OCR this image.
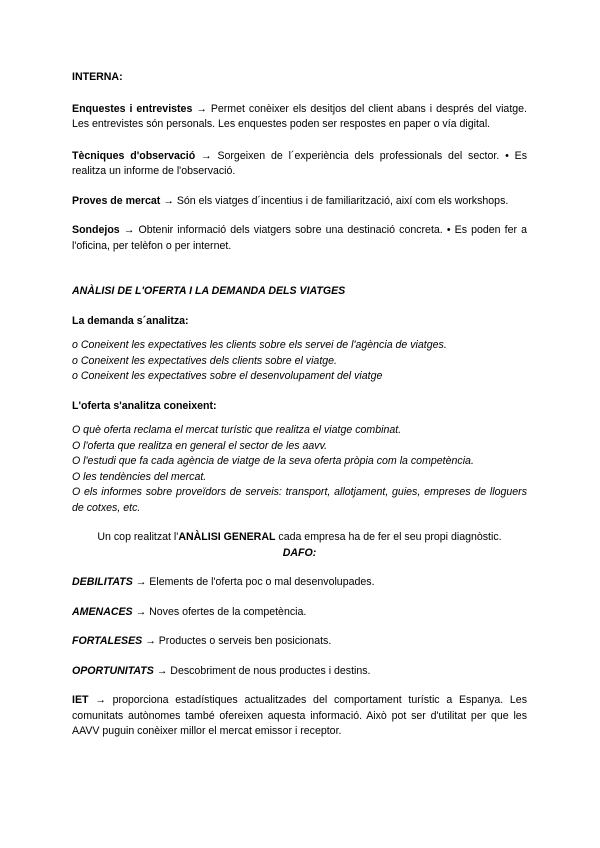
INTERNA:

Enquestes i entrevistes → Permet conèixer els desitjos del client abans i després del viatge. Les entrevistes són personals. Les enquestes poden ser respostes en paper o vía digital.

Tècniques d'observació → Sorgeixen de l´experiència dels professionals del sector. • Es realitza un informe de l'observació.

Proves de mercat → Són els viatges d´incentius i de familiarització, així com els workshops.

Sondejos → Obtenir informació dels viatgers sobre una destinació concreta. • Es poden fer a l'oficina, per telèfon o per internet.

ANÀLISI DE L'OFERTA I LA DEMANDA DELS VIATGES

La demanda s´analitza:

o Coneixent les expectatives les clients sobre els servei de l'agència de viatges.

o Coneixent les expectatives dels clients sobre el viatge.

o Coneixent les expectatives sobre el desenvolupament del viatge

L'oferta s'analitza coneixent:

O què oferta reclama el mercat turístic que realitza el viatge combinat.

O l'oferta que realitza en general el sector de les aavv.

O l'estudi que fa cada agència de viatge de la seva oferta pròpia com la competència.

O les tendències del mercat.

O els informes sobre proveïdors de serveis: transport, allotjament, guies, empreses de lloguers de cotxes, etc.

Un cop realitzat l'ANÀLISI GENERAL cada empresa ha de fer el seu propi diagnòstic.

DAFO:

DEBILITATS → Elements de l'oferta poc o mal desenvolupades.

AMENACES → Noves ofertes de la competència.

FORTALESES → Productes o serveis ben posicionats.

OPORTUNITATS → Descobriment de nous productes i destins.

IET → proporciona estadístiques actualitzades del comportament turístic a Espanya. Les comunitats autònomes també ofereixen aquesta informació. Això pot ser d'utilitat per que les AAVV puguin conèixer millor el mercat emissor i receptor.
